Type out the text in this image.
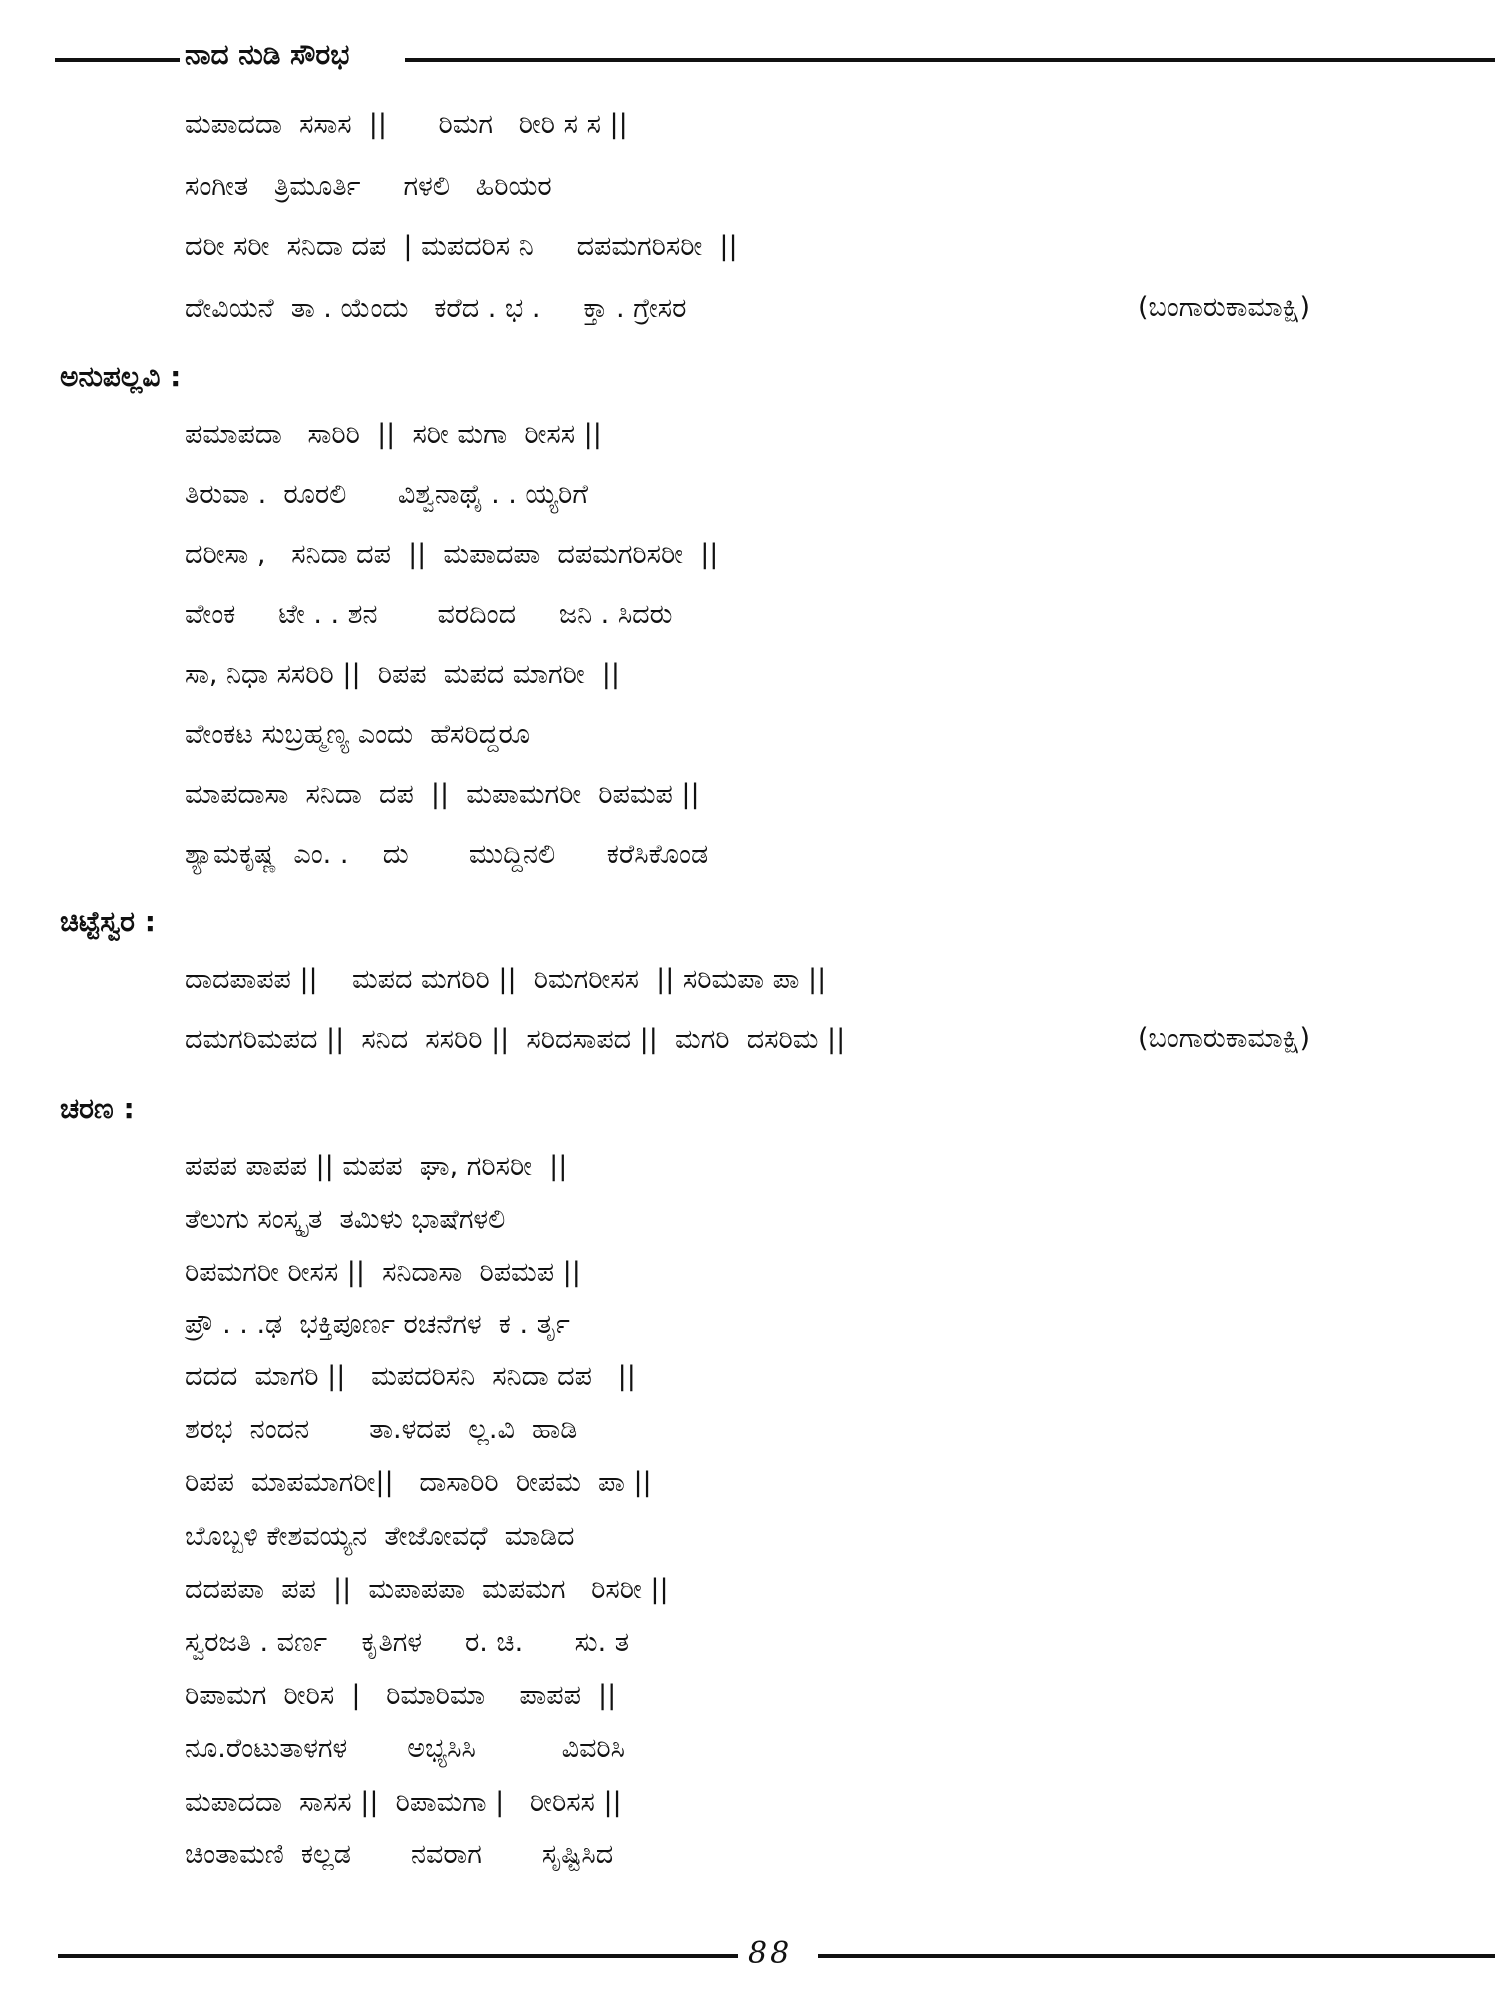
ನಾದ ನುಡಿ ಸೌರಭ
ಮಪಾದದಾ  ಸಸಾಸ  ||      ರಿಮಗ   ರೀರಿ ಸ ಸ ||
ಸಂಗೀತ   ತ್ರಿಮೂರ್ತಿ     ಗಳಲಿ   ಹಿರಿಯರ
ದರೀ ಸರೀ  ಸನಿದಾ ದಪ  | ಮಪದರಿಸ ನಿ     ದಪಮಗರಿಸರೀ  ||
ದೇವಿಯನೆ  ತಾ . ಯೆಂದು   ಕರೆದ . ಭ .     ಕ್ತಾ . ಗ್ರೇಸರ	(ಬಂಗಾರುಕಾಮಾಕ್ಷಿ)
ಅನುಪಲ್ಲವಿ :
ಪಮಾಪದಾ   ಸಾರಿರಿ  ||  ಸರೀ ಮಗಾ  ರೀಸಸ ||
ತಿರುವಾ .  ರೂರಲಿ      ವಿಶ್ವನಾಥೈ . . ಯ್ಯರಿಗೆ
ದರೀಸಾ ,   ಸನಿದಾ ದಪ  ||  ಮಪಾದಪಾ  ದಪಮಗರಿಸರೀ  ||
ವೇಂಕ     ಟೇ . . ಶನ       ವರದಿಂದ     ಜನಿ . ಸಿದರು
ಸಾ, ನಿಧಾ ಸಸರಿರಿ ||  ರಿಪಪ  ಮಪದ ಮಾಗರೀ  ||
ವೇಂಕಟ ಸುಬ್ರಹ್ಮಣ್ಯ ಎಂದು  ಹೆಸರಿದ್ದರೂ
ಮಾಪದಾಸಾ  ಸನಿದಾ  ದಪ  ||  ಮಪಾಮಗರೀ  ರಿಪಮಪ ||
ಶ್ಯಾಮಕೃಷ್ಣ  ಎಂ. .    ದು       ಮುದ್ದಿನಲಿ      ಕರೆಸಿಕೊಂಡ
ಚಿಟ್ಟೆಸ್ವರ :
ದಾದಪಾಪಪ ||    ಮಪದ ಮಗರಿರಿ ||  ರಿಮಗರೀಸಸ  || ಸರಿಮಪಾ ಪಾ ||
ದಮಗರಿಮಪದ ||  ಸನಿದ  ಸಸರಿರಿ ||  ಸರಿದಸಾಪದ ||  ಮಗರಿ  ದಸರಿಮ ||	(ಬಂಗಾರುಕಾಮಾಕ್ಷಿ)
ಚರಣ :
ಪಪಪ ಪಾಪಪ || ಮಪಪ  ಘಾ, ಗರಿಸರೀ  ||
ತೆಲುಗು ಸಂಸ್ಕೃತ  ತಮಿಳು ಭಾಷೆಗಳಲಿ
ರಿಪಮಗರೀ ರೀಸಸ ||  ಸನಿದಾಸಾ  ರಿಪಮಪ ||
ಪ್ರೌ . . .ಢ  ಭಕ್ತಿಪೂರ್ಣ ರಚನೆಗಳ  ಕ . ರ್ತೃ
ದದದ  ಮಾಗರಿ ||   ಮಪದರಿಸನಿ  ಸನಿದಾ ದಪ   ||
ಶರಭ  ನಂದನ       ತಾ.ಳದಪ  ಲ್ಲ.ವಿ  ಹಾಡಿ
ರಿಪಪ  ಮಾಪಮಾಗರೀ||   ದಾಸಾರಿರಿ  ರೀಪಮ  ಪಾ ||
ಬೊಬ್ಬಳಿ ಕೇಶವಯ್ಯನ  ತೇಜೋವಧೆ  ಮಾಡಿದ
ದದಪಪಾ  ಪಪ  ||  ಮಪಾಪಪಾ  ಮಪಮಗ   ರಿಸರೀ ||
ಸ್ವರಜತಿ . ವರ್ಣ    ಕೃತಿಗಳ     ರ. ಚಿ.      ಸು. ತ
ರಿಪಾಮಗ  ರೀರಿಸ  |   ರಿಮಾರಿಮಾ    ಪಾಪಪ  ||
ನೂ.ರೆಂಟುತಾಳಗಳ       ಅಭ್ಯಸಿಸಿ          ವಿವರಿಸಿ
ಮಪಾದದಾ  ಸಾಸಸ ||  ರಿಪಾಮಗಾ |   ರೀರಿಸಸ ||
ಚಿಂತಾಮಣಿ  ಕಲ್ಲಡ       ನವರಾಗ       ಸೃಷ್ಟಿಸಿದ
88
